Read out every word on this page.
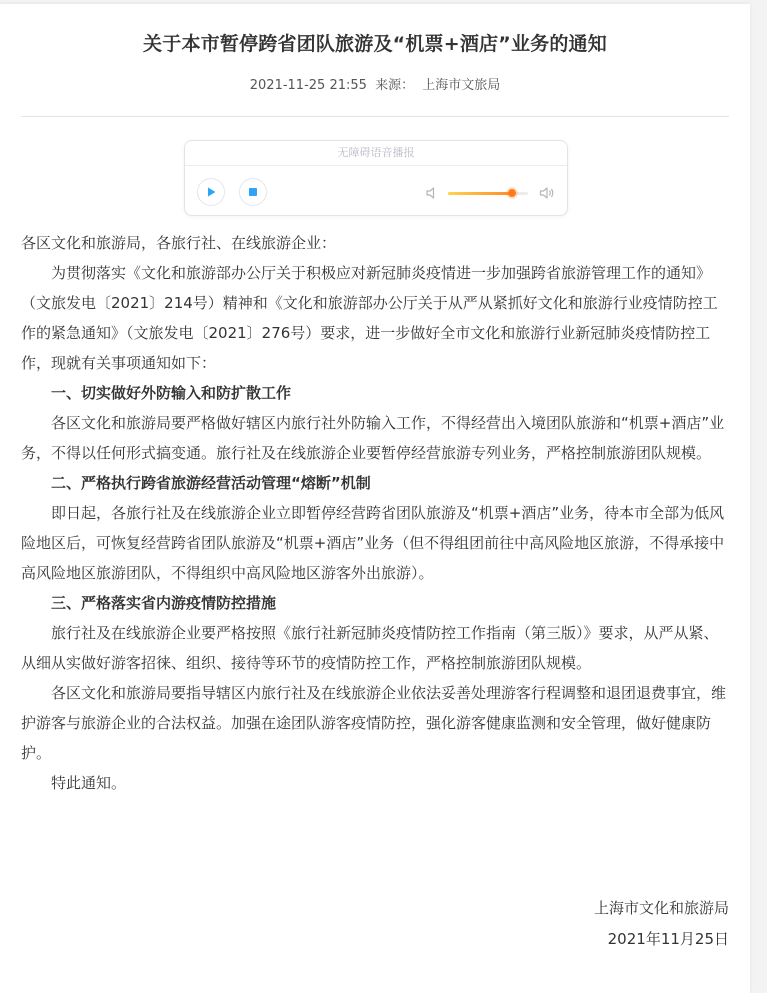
关于本市暂停跨省团队旅游及“机票+酒店”业务的通知
2021-11-25 21:55 来源： 上海市文旅局
无障碍语音播报

各区文化和旅游局，各旅行社、在线旅游企业：

为贯彻落实《文化和旅游部办公厅关于积极应对新冠肺炎疫情进一步加强跨省旅游管理工作的通知》（文旅发电〔2021〕214号）精神和《文化和旅游部办公厅关于从严从紧抓好文化和旅游行业疫情防控工作的紧急通知》（文旅发电〔2021〕276号）要求，进一步做好全市文化和旅游行业新冠肺炎疫情防控工作，现就有关事项通知如下：

一、切实做好外防输入和防扩散工作

各区文化和旅游局要严格做好辖区内旅行社外防输入工作，不得经营出入境团队旅游和“机票+酒店”业务，不得以任何形式搞变通。旅行社及在线旅游企业要暂停经营旅游专列业务，严格控制旅游团队规模。

二、严格执行跨省旅游经营活动管理“熔断”机制

即日起，各旅行社及在线旅游企业立即暂停经营跨省团队旅游及“机票+酒店”业务，待本市全部为低风险地区后，可恢复经营跨省团队旅游及“机票+酒店”业务（但不得组团前往中高风险地区旅游，不得承接中高风险地区旅游团队，不得组织中高风险地区游客外出旅游）。

三、严格落实省内游疫情防控措施

旅行社及在线旅游企业要严格按照《旅行社新冠肺炎疫情防控工作指南（第三版）》要求，从严从紧、从细从实做好游客招徕、组织、接待等环节的疫情防控工作，严格控制旅游团队规模。

各区文化和旅游局要指导辖区内旅行社及在线旅游企业依法妥善处理游客行程调整和退团退费事宜，维护游客与旅游企业的合法权益。加强在途团队游客疫情防控，强化游客健康监测和安全管理，做好健康防护。

特此通知。

上海市文化和旅游局
2021年11月25日
